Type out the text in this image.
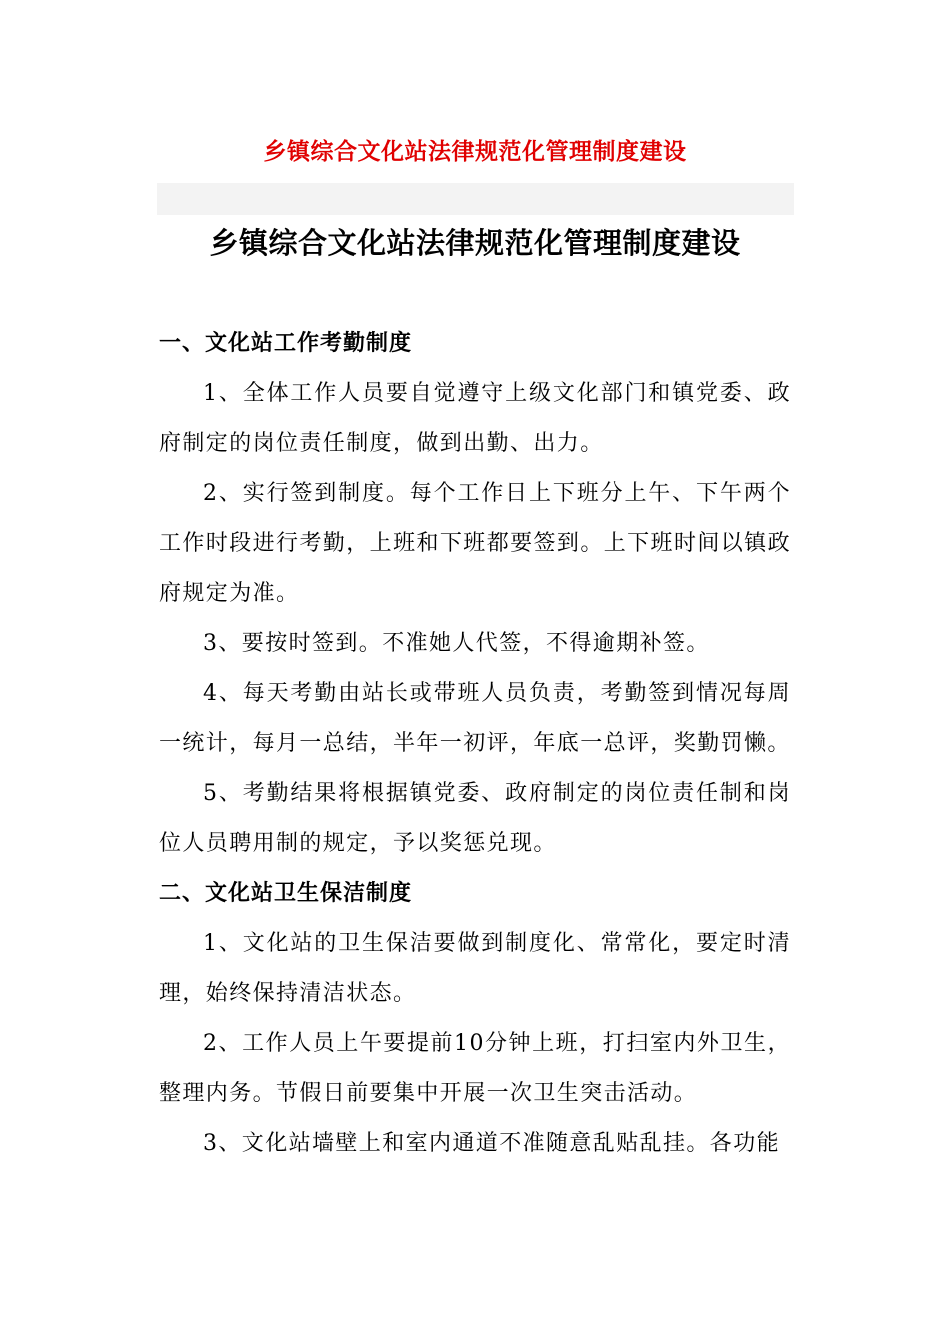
乡镇综合文化站法律规范化管理制度建设
乡镇综合文化站法律规范化管理制度建设

一、文化站工作考勤制度

1、全体工作人员要自觉遵守上级文化部门和镇党委、政府制定的岗位责任制度，做到出勤、出力。

2、实行签到制度。每个工作日上下班分上午、下午两个工作时段进行考勤，上班和下班都要签到。上下班时间以镇政府规定为准。

3、要按时签到。不准她人代签，不得逾期补签。

4、每天考勤由站长或带班人员负责，考勤签到情况每周一统计，每月一总结，半年一初评，年底一总评，奖勤罚懒。

5、考勤结果将根据镇党委、政府制定的岗位责任制和岗位人员聘用制的规定，予以奖惩兑现。

二、文化站卫生保洁制度

1、文化站的卫生保洁要做到制度化、常常化，要定时清理，始终保持清洁状态。

2、工作人员上午要提前10分钟上班，打扫室内外卫生，整理内务。节假日前要集中开展一次卫生突击活动。

3、文化站墙壁上和室内通道不准随意乱贴乱挂。各功能
